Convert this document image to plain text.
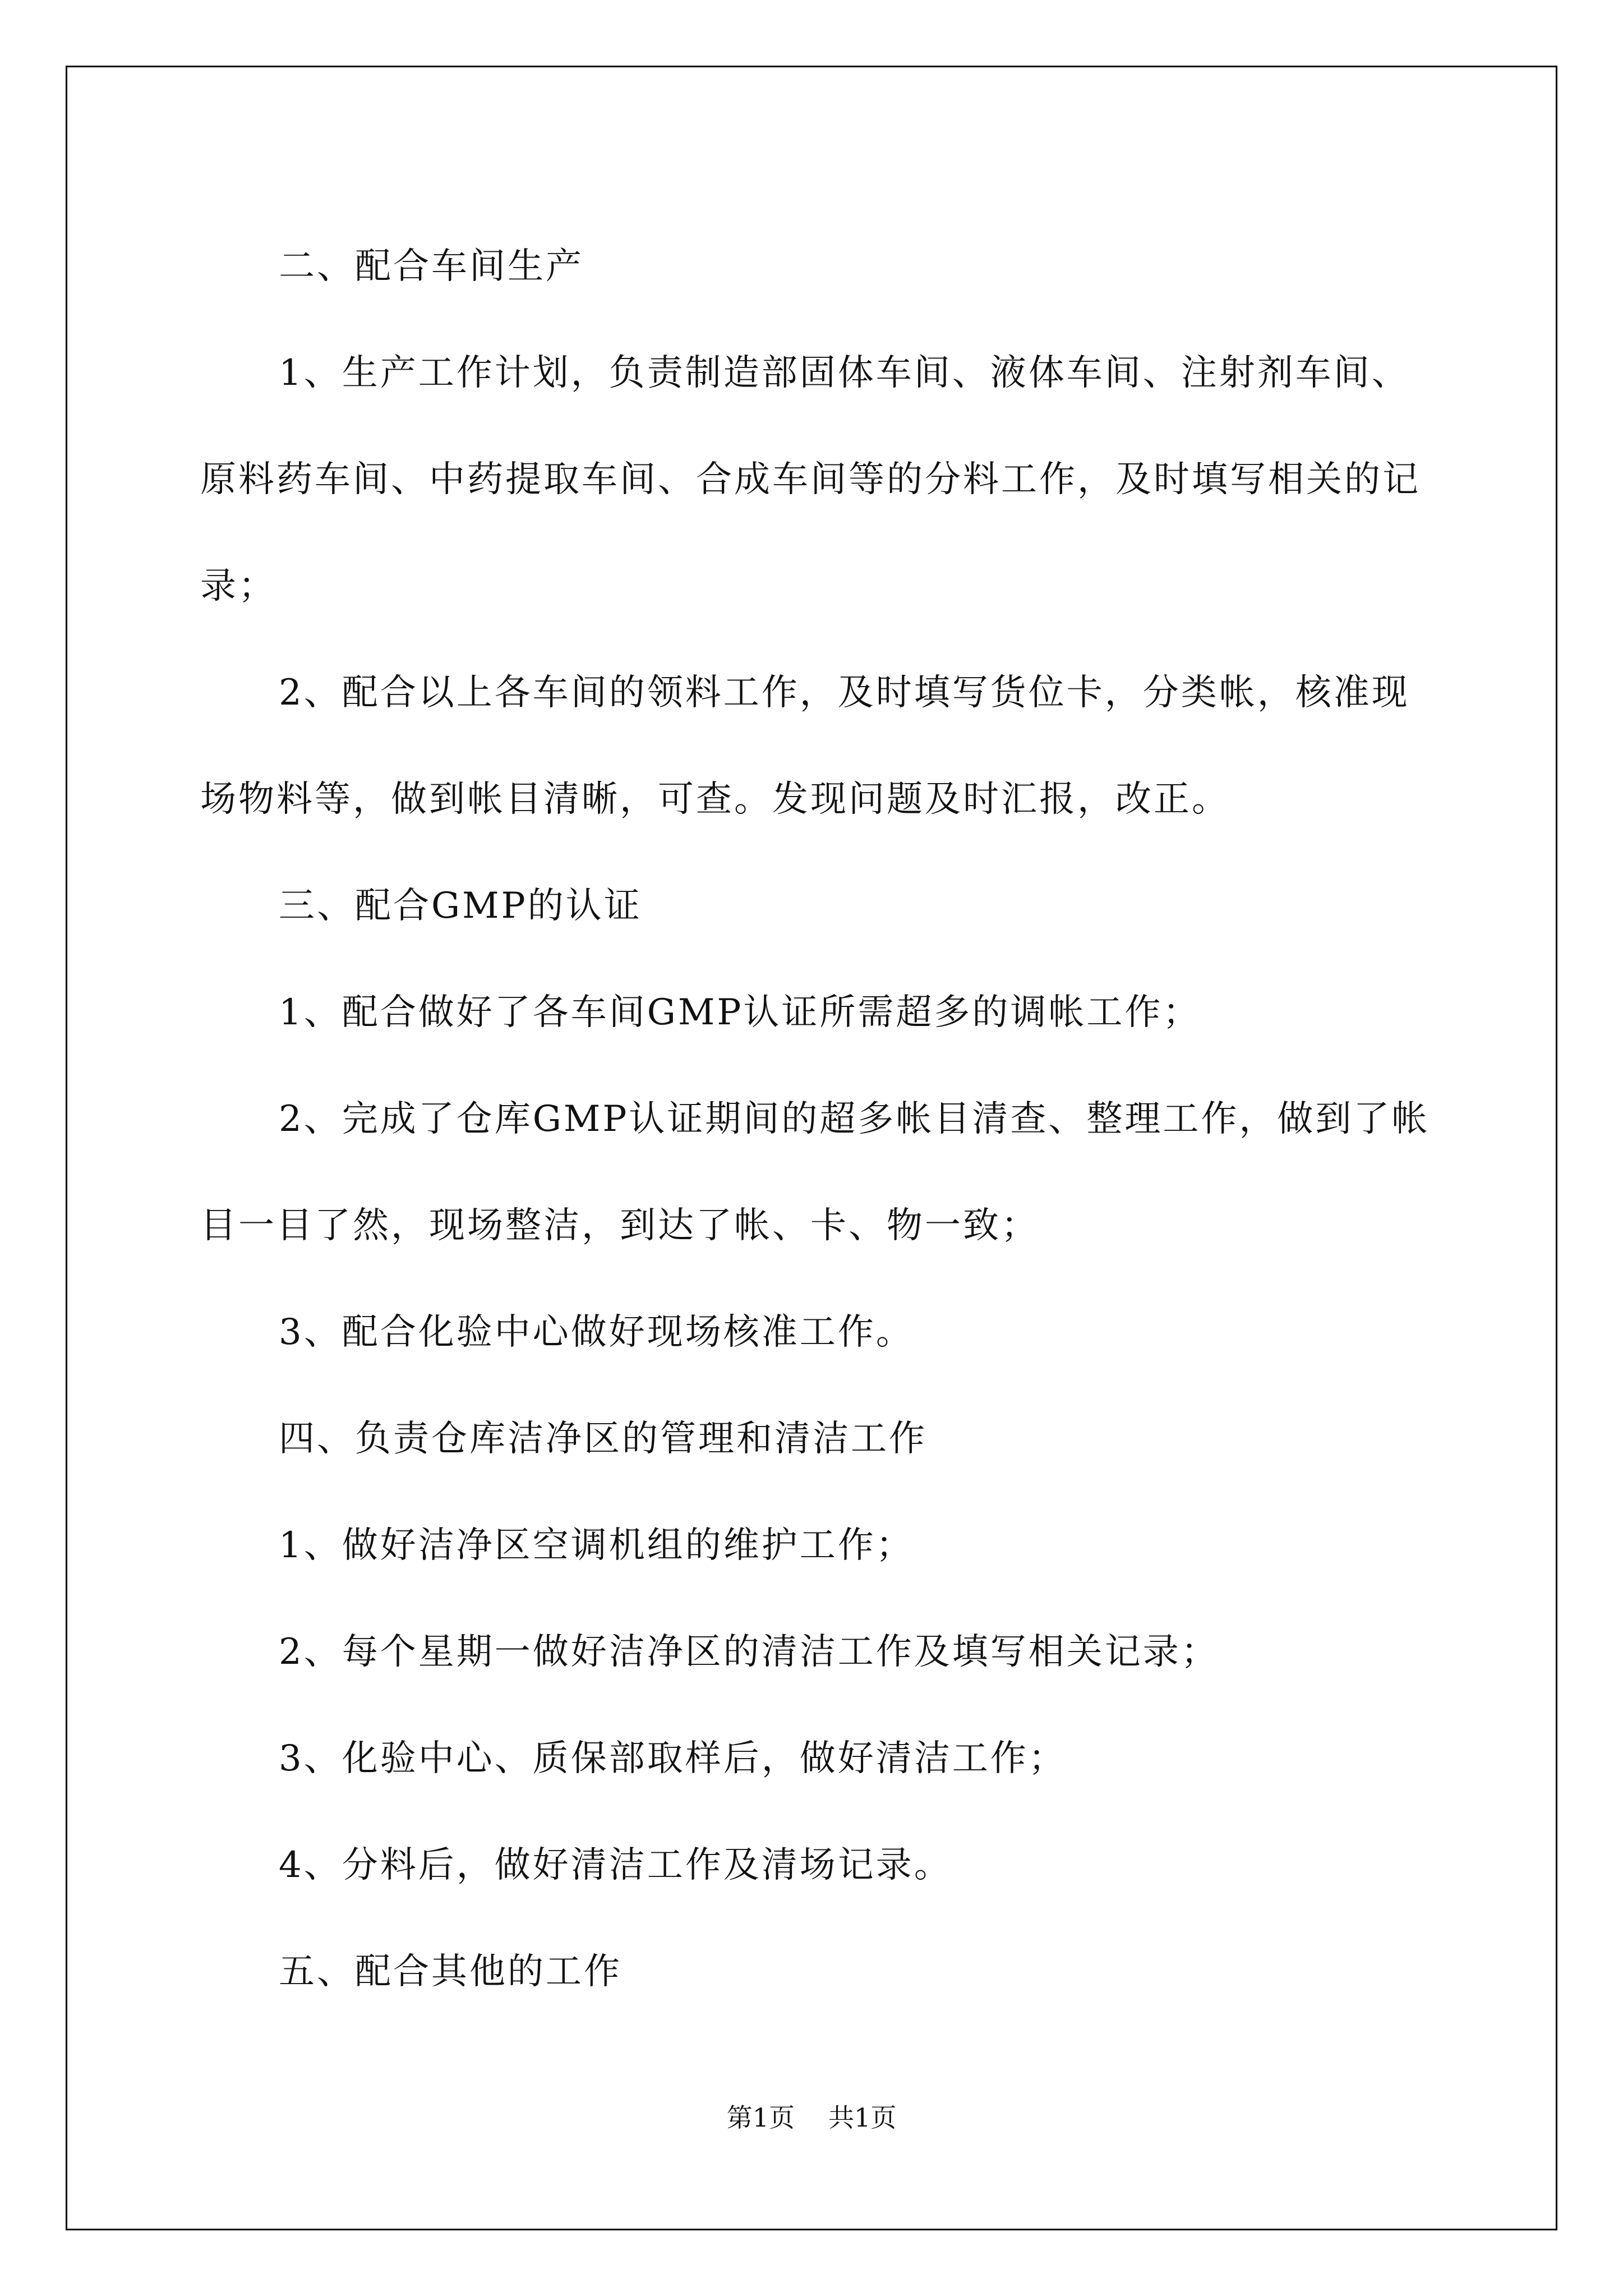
二、配合车间生产

1、生产工作计划，负责制造部固体车间、液体车间、注射剂车间、原料药车间、中药提取车间、合成车间等的分料工作，及时填写相关的记录；

2、配合以上各车间的领料工作，及时填写货位卡，分类帐，核准现场物料等，做到帐目清晰，可查。发现问题及时汇报，改正。

三、配合GMP的认证

1、配合做好了各车间GMP认证所需超多的调帐工作；

2、完成了仓库GMP认证期间的超多帐目清查、整理工作，做到了帐目一目了然，现场整洁，到达了帐、卡、物一致；

3、配合化验中心做好现场核准工作。

四、负责仓库洁净区的管理和清洁工作

1、做好洁净区空调机组的维护工作；

2、每个星期一做好洁净区的清洁工作及填写相关记录；

3、化验中心、质保部取样后，做好清洁工作；

4、分料后，做好清洁工作及清场记录。

五、配合其他的工作

第1页 共1页
